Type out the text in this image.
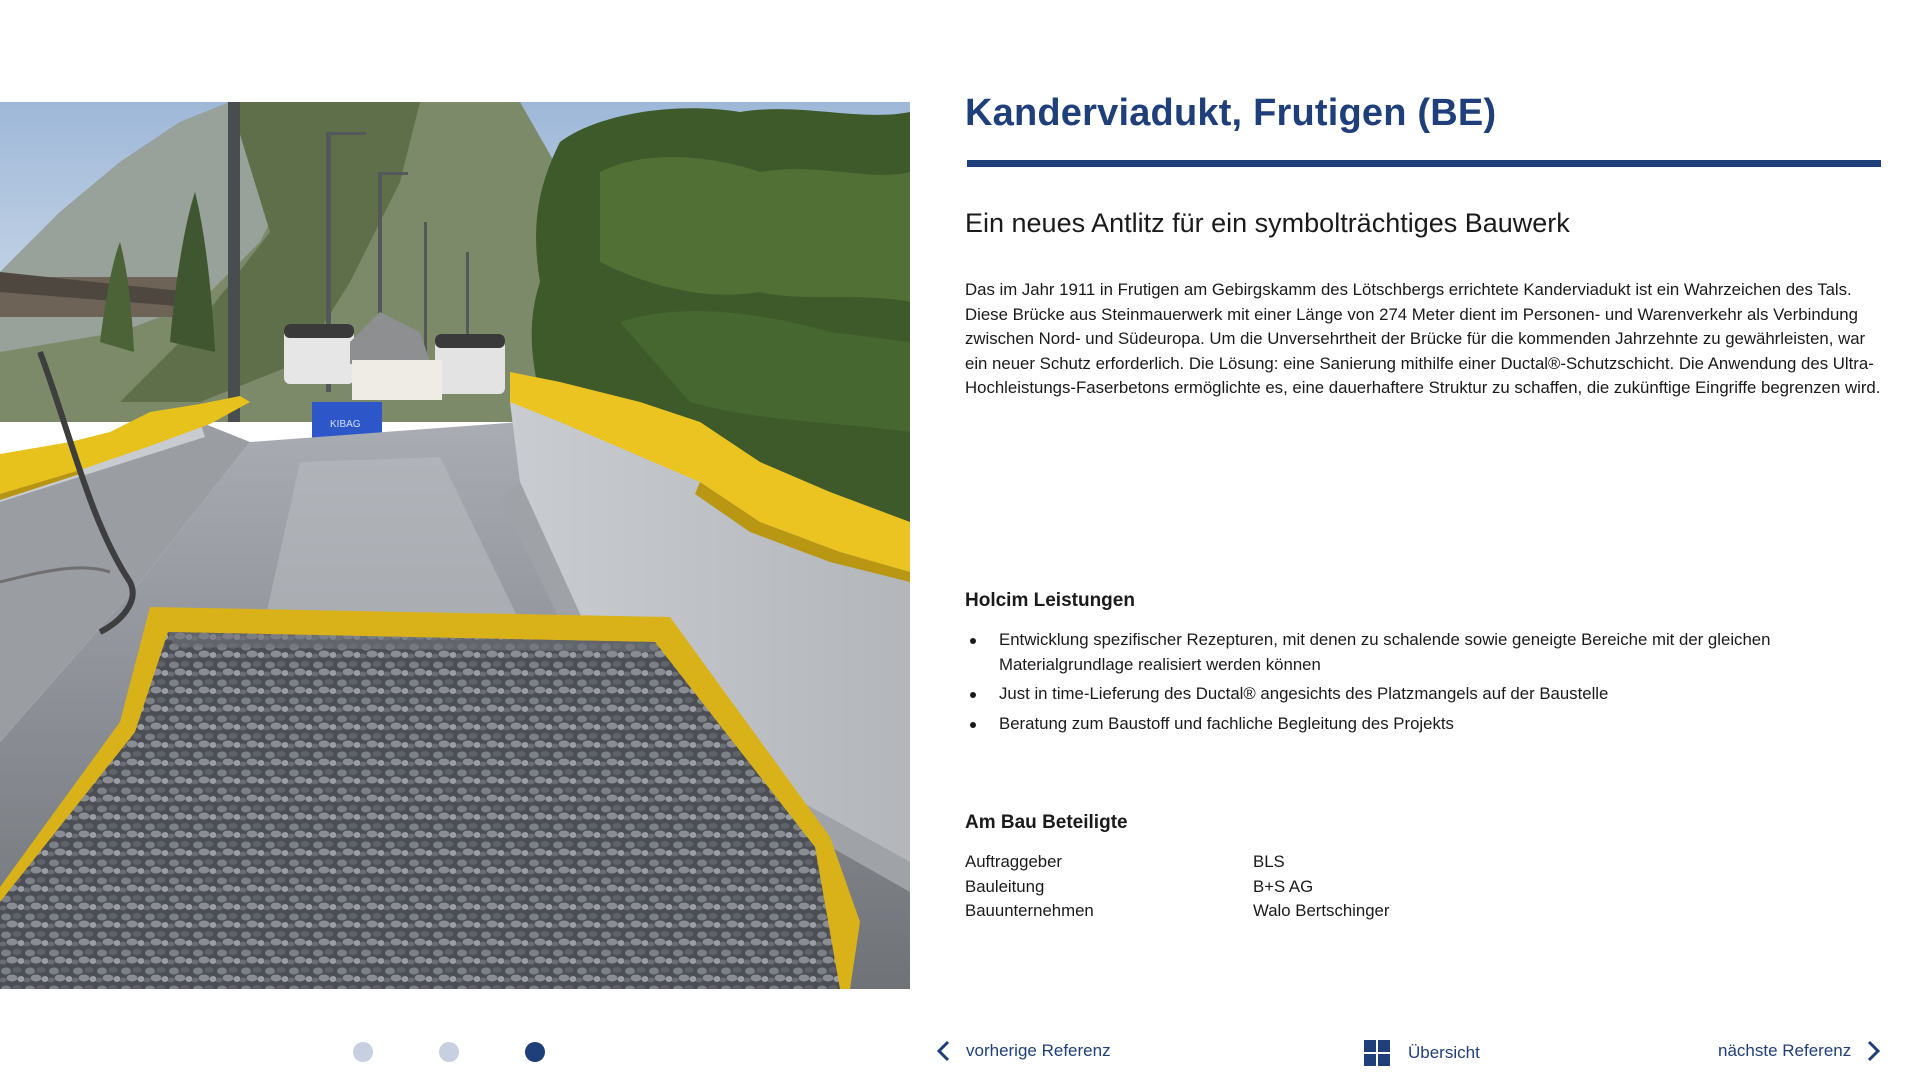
KIBAG
Kanderviadukt, Frutigen (BE)
Ein neues Antlitz für ein symbolträchtiges Bauwerk

Das im Jahr 1911 in Frutigen am Gebirgskamm des Lötschbergs errichtete Kanderviadukt ist ein Wahrzeichen des Tals. Diese Brücke aus Steinmauerwerk mit einer Länge von 274 Meter dient im Personen- und Warenverkehr als Verbindung zwischen Nord- und Südeuropa. Um die Unversehrtheit der Brücke für die kommenden Jahrzehnte zu gewährleisten, war ein neuer Schutz erforderlich. Die Lösung: eine Sanierung mithilfe einer Ductal®-Schutzschicht. Die Anwendung des Ultra-Hochleistungs-Faserbetons ermöglichte es, eine dauerhaftere Struktur zu schaffen, die zukünftige Eingriffe begrenzen wird.

Holcim Leistungen
Entwicklung spezifischer Rezepturen, mit denen zu schalende sowie geneigte Bereiche mit der gleichen Materialgrundlage realisiert werden können
Just in time-Lieferung des Ductal® angesichts des Platzmangels auf der Baustelle
Beratung zum Baustoff und fachliche Begleitung des Projekts
Am Bau Beteiligte
Auftraggeber	BLS
Bauleitung	B+S AG
Bauunternehmen	Walo Bertschinger
vorherige Referenz	Übersicht	nächste Referenz
